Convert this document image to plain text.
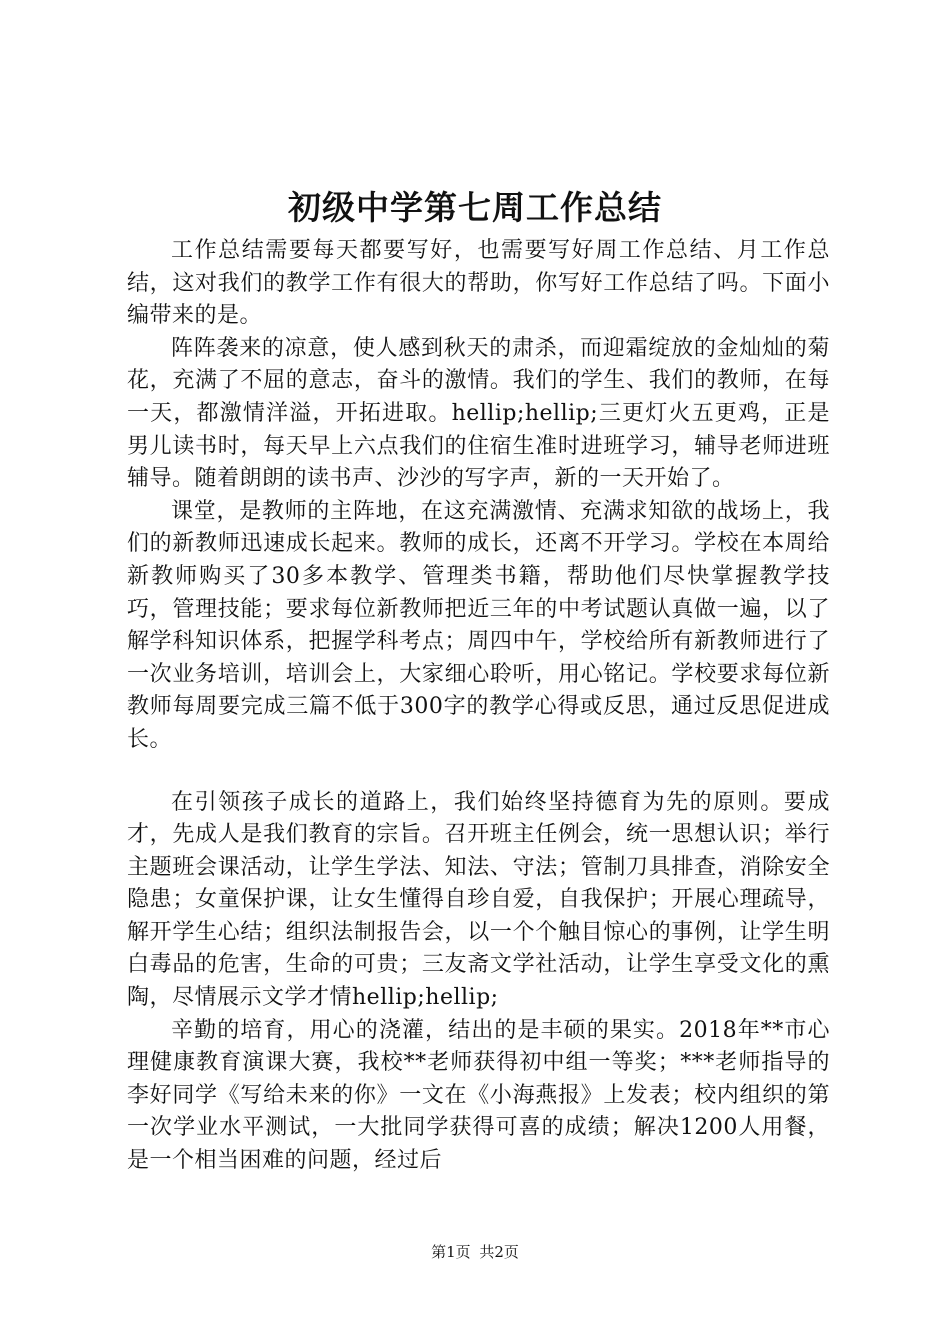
初级中学第七周工作总结

工作总结需要每天都要写好，也需要写好周工作总结、月工作总结，这对我们的教学工作有很大的帮助，你写好工作总结了吗。下面小编带来的是。

阵阵袭来的凉意，使人感到秋天的肃杀，而迎霜绽放的金灿灿的菊花，充满了不屈的意志，奋斗的激情。我们的学生、我们的教师，在每一天，都激情洋溢，开拓进取。hellip;hellip;三更灯火五更鸡，正是男儿读书时，每天早上六点我们的住宿生准时进班学习，辅导老师进班辅导。随着朗朗的读书声、沙沙的写字声，新的一天开始了。

课堂，是教师的主阵地，在这充满激情、充满求知欲的战场上，我们的新教师迅速成长起来。教师的成长，还离不开学习。学校在本周给新教师购买了30多本教学、管理类书籍，帮助他们尽快掌握教学技巧，管理技能；要求每位新教师把近三年的中考试题认真做一遍，以了解学科知识体系，把握学科考点；周四中午，学校给所有新教师进行了一次业务培训，培训会上，大家细心聆听，用心铭记。学校要求每位新教师每周要完成三篇不低于300字的教学心得或反思，通过反思促进成长。

在引领孩子成长的道路上，我们始终坚持德育为先的原则。要成才，先成人是我们教育的宗旨。召开班主任例会，统一思想认识；举行主题班会课活动，让学生学法、知法、守法；管制刀具排查，消除安全隐患；女童保护课，让女生懂得自珍自爱，自我保护；开展心理疏导，解开学生心结；组织法制报告会，以一个个触目惊心的事例，让学生明白毒品的危害，生命的可贵；三友斋文学社活动，让学生享受文化的熏陶，尽情展示文学才情hellip;hellip;

辛勤的培育，用心的浇灌，结出的是丰硕的果实。2018年**市心理健康教育演课大赛，我校**老师获得初中组一等奖；***老师指导的李好同学《写给未来的你》一文在《小海燕报》上发表；校内组织的第一次学业水平测试，一大批同学获得可喜的成绩；解决1200人用餐，是一个相当困难的问题，经过后

第1页 共2页
